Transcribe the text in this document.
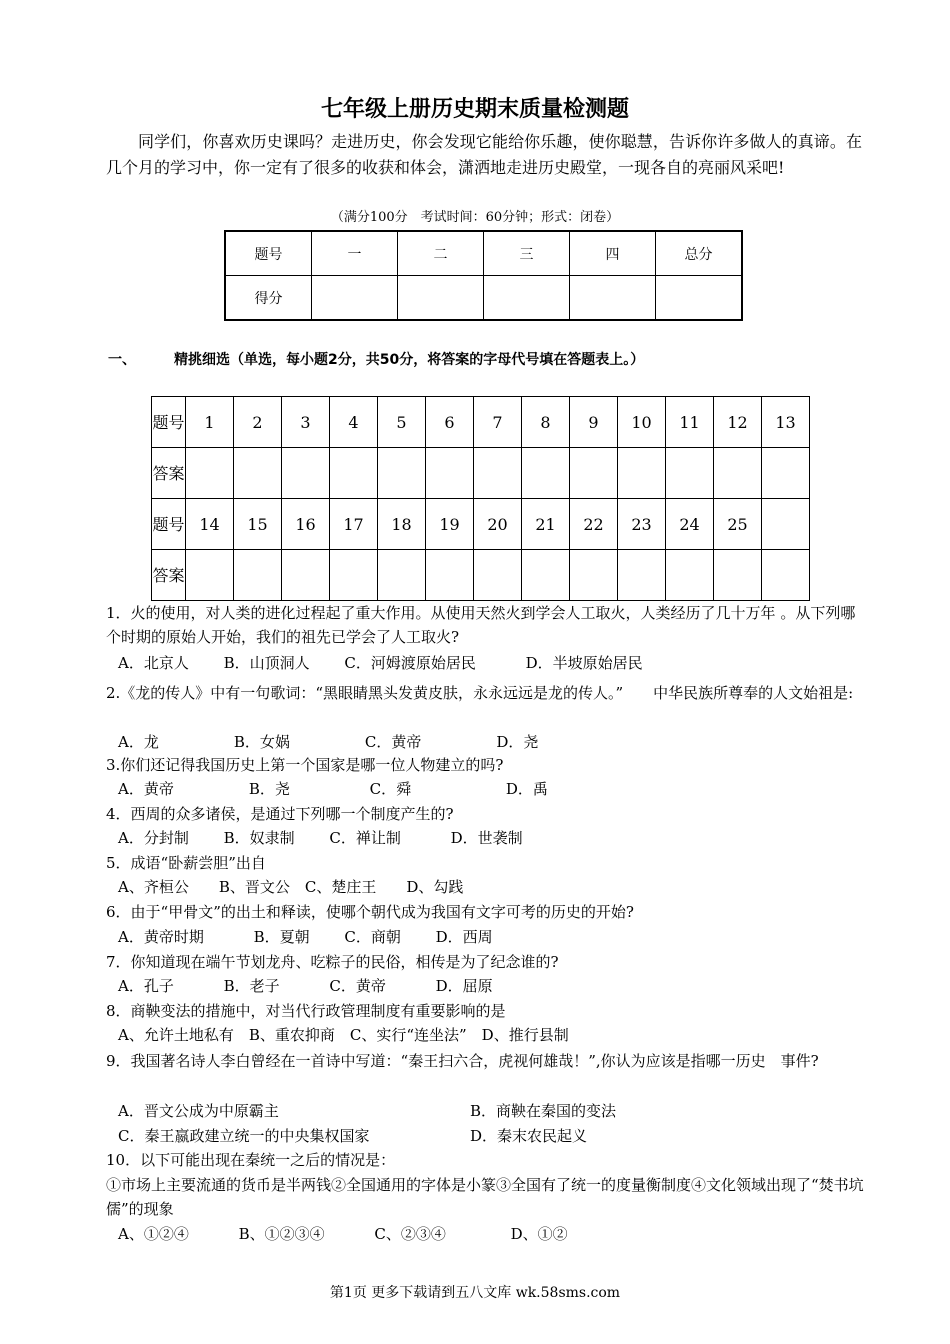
七年级上册历史期末质量检测题
同学们，你喜欢历史课吗？走进历史，你会发现它能给你乐趣，使你聪慧，告诉你许多做人的真谛。在几个月的学习中，你一定有了很多的收获和体会，潇洒地走进历史殿堂，一现各自的亮丽风采吧!
（满分100分　考试时间：60分钟；形式：闭卷）
题号	一	二	三	四	总分
得分					
一、	精挑细选（单选，每小题2分，共50分，将答案的字母代号填在答题表上。）
题号	1	2	3	4	5	6	7	8	9	10	11	12	13
答案													
题号	14	15	16	17	18	19	20	21	22	23	24	25	
答案													
1．火的使用，对人类的进化过程起了重大作用。从使用天然火到学会人工取火，人类经历了几十万年 。从下列哪个时期的原始人开始，我们的祖先已学会了人工取火?
A．北京人　　 B．山顶洞人　　 C．河姆渡原始居民　　　 D．半坡原始居民
2.《龙的传人》中有一句歌词：“黑眼睛黑头发黄皮肤，永永远远是龙的传人。”　　中华民族所尊奉的人文始祖是:
A．龙　　　　　B．女娲　　　　　C．黄帝　　　　　D．尧
3.你们还记得我国历史上第一个国家是哪一位人物建立的吗?
A．黄帝　　　　　B．尧　　　　　 C．舜　　　　　　 D．禹
4．西周的众多诸侯，是通过下列哪一个制度产生的?
A．分封制　　 B．奴隶制　　 C．禅让制　　　 D．世袭制
5．成语“卧薪尝胆”出自
A、齐桓公　　B、晋文公　C、楚庄王　　D、勾践
6．由于“甲骨文”的出土和释读，使哪个朝代成为我国有文字可考的历史的开始?
A．黄帝时期　　　 B．夏朝　　 C．商朝　　 D．西周
7．你知道现在端午节划龙舟、吃粽子的民俗，相传是为了纪念谁的?
A．孔子　　　 B．老子　　　 C．黄帝　　　 D．屈原
8．商鞅变法的措施中，对当代行政管理制度有重要影响的是
A、允许土地私有　B、重农抑商　C、实行“连坐法”　D、推行县制
9．我国著名诗人李白曾经在一首诗中写道：“秦王扫六合，虎视何雄哉！”,你认为应该是指哪一历史　事件?
A．晋文公成为中原霸主	B．商鞅在秦国的变法
C．秦王嬴政建立统一的中央集权国家	D．秦末农民起义
10．以下可能出现在秦统一之后的情况是：
①市场上主要流通的货币是半两钱②全国通用的字体是小篆③全国有了统一的度量衡制度④文化领域出现了“焚书坑儒”的现象
A、①②④　　　 B、①②③④　　　 C、②③④　　　　 D、①②
第1页 更多下载请到五八文库 wk.58sms.com
